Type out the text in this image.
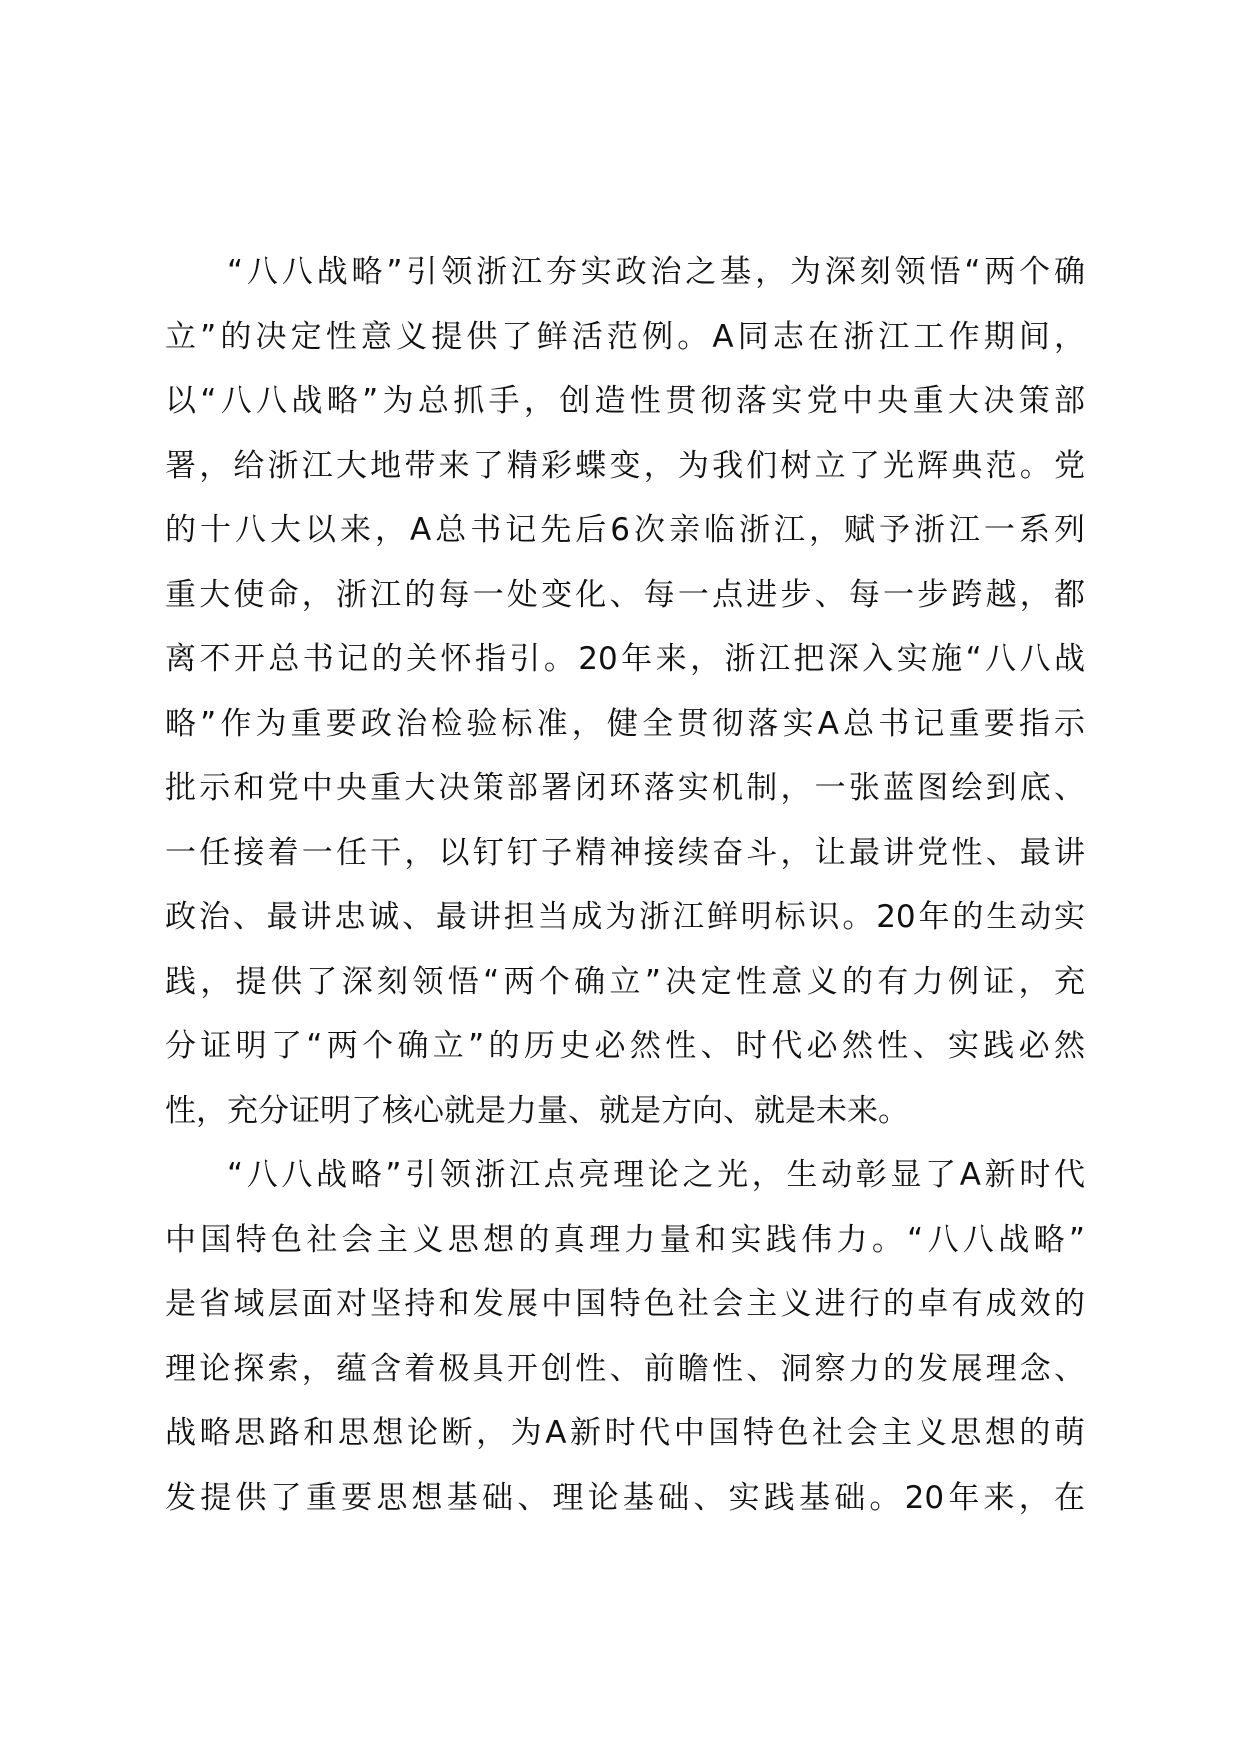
“八八战略”引领浙江夯实政治之基，为深刻领悟“两个确
立”的决定性意义提供了鲜活范例。A同志在浙江工作期间，
以“八八战略”为总抓手，创造性贯彻落实党中央重大决策部
署，给浙江大地带来了精彩蝶变，为我们树立了光辉典范。党
的十八大以来，A总书记先后6次亲临浙江，赋予浙江一系列
重大使命，浙江的每一处变化、每一点进步、每一步跨越，都
离不开总书记的关怀指引。20年来，浙江把深入实施“八八战
略”作为重要政治检验标准，健全贯彻落实A总书记重要指示
批示和党中央重大决策部署闭环落实机制，一张蓝图绘到底、
一任接着一任干，以钉钉子精神接续奋斗，让最讲党性、最讲
政治、最讲忠诚、最讲担当成为浙江鲜明标识。20年的生动实
践，提供了深刻领悟“两个确立”决定性意义的有力例证，充
分证明了“两个确立”的历史必然性、时代必然性、实践必然
性，充分证明了核心就是力量、就是方向、就是未来。
“八八战略”引领浙江点亮理论之光，生动彰显了A新时代
中国特色社会主义思想的真理力量和实践伟力。“八八战略”
是省域层面对坚持和发展中国特色社会主义进行的卓有成效的
理论探索，蕴含着极具开创性、前瞻性、洞察力的发展理念、
战略思路和思想论断，为A新时代中国特色社会主义思想的萌
发提供了重要思想基础、理论基础、实践基础。20年来，在
